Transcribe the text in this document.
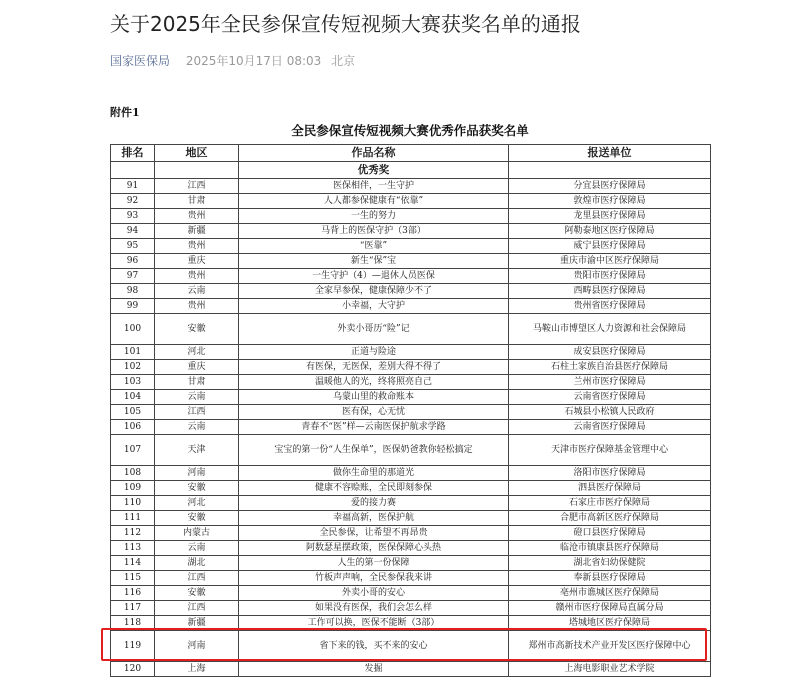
关于2025年全民参保宣传短视频大赛获奖名单的通报
国家医保局 2025年10月17日 08:03 北京
附件1
全民参保宣传短视频大赛优秀作品获奖名单
排名	地区	作品名称	报送单位
		优秀奖	
91	江西	医保相伴，一生守护	分宜县医疗保障局
92	甘肃	人人都参保健康有“依靠”	敦煌市医疗保障局
93	贵州	一生的努力	龙里县医疗保障局
94	新疆	马背上的医保守护（3部）	阿勒泰地区医疗保障局
95	贵州	“医靠”	威宁县医疗保障局
96	重庆	新生“保”宝	重庆市渝中区医疗保障局
97	贵州	一生守护（4）—退休人员医保	贵阳市医疗保障局
98	云南	全家早参保，健康保障少不了	西畴县医疗保障局
99	贵州	小幸福，大守护	贵州省医疗保障局
100	安徽	外卖小哥历“险”记	马鞍山市博望区人力资源和社会保障局
101	河北	正道与险途	成安县医疗保障局
102	重庆	有医保，无医保，差别大得不得了	石柱土家族自治县医疗保障局
103	甘肃	温暖他人的光，终将照亮自己	兰州市医疗保障局
104	云南	乌蒙山里的救命账本	云南省医疗保障局
105	江西	医有保，心无忧	石城县小松镇人民政府
106	云南	青春不“医”样—云南医保护航求学路	云南省医疗保障局
107	天津	宝宝的第一份“人生保单”，医保奶爸教你轻松搞定	天津市医疗保障基金管理中心
108	河南	做你生命里的那道光	洛阳市医疗保障局
109	安徽	健康不容赊账，全民即刻参保	泗县医疗保障局
110	河北	爱的接力赛	石家庄市医疗保障局
111	安徽	幸福高新，医保护航	合肥市高新区医疗保障局
112	内蒙古	全民参保，让希望不再昂贵	磴口县医疗保障局
113	云南	阿数瑟星摆政策，医保保障心头热	临沧市镇康县医疗保障局
114	湖北	人生的第一份保障	湖北省妇幼保健院
115	江西	竹板声声响，全民参保我来讲	奉新县医疗保障局
116	安徽	外卖小哥的安心	亳州市谯城区医疗保障局
117	江西	如果没有医保，我们会怎么样	赣州市医疗保障局直属分局
118	新疆	工作可以换，医保不能断（3部）	塔城地区医疗保障局
119	河南	省下来的钱，买不来的安心	郑州市高新技术产业开发区医疗保障中心
120	上海	发掘	上海电影职业艺术学院
